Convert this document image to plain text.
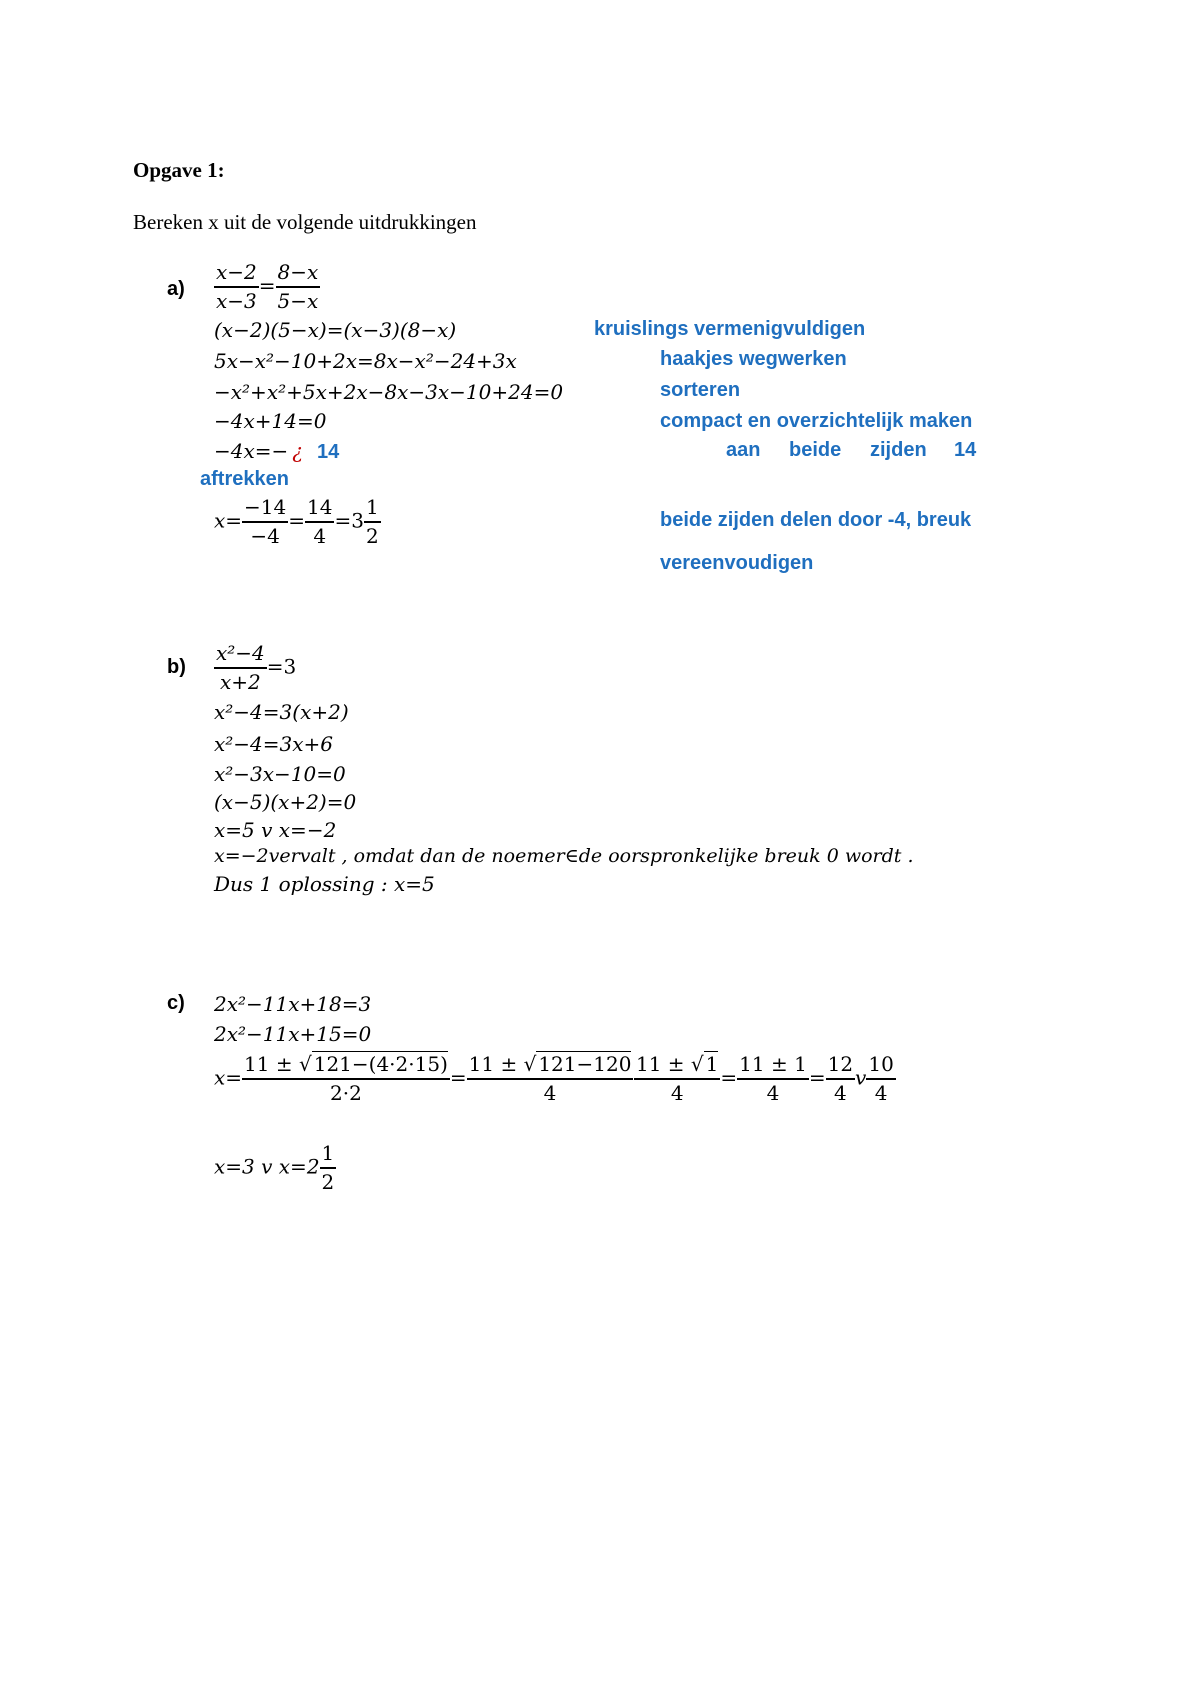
Opgave 1:
Bereken x uit de volgende uitdrukkingen
$a) \frac{x-2}{x-3} = \frac{8-x}{5-x}$
(x−2)(5−x)=(x−3)(8−x)
5x−x²−10+2x=8x−x²−24+3x
−x²+x²+5x+2x−8x−3x−10+24=0
−4x+14=0
−4x=− ¿ 14
aftrekken
$x= \frac{-14}{-4} = \frac{14}{4} =3 \frac{1}{2}$
kruislings vermenigvuldigen
haakjes wegwerken
sorteren
compact en overzichtelijk maken
aan beide zijden 14
beide zijden delen door -4, breuk
vereenvoudigen
$b) \frac{\text{x²−4}}{x+2} =3$
x²−4=3(x+2)
x²−4=3x+6
x²−3x−10=0
(x−5)(x+2)=0
x=5 v x=−2
x=−2vervalt , omdat dan de noemer∈de oorspronkelijke breuk 0 wordt .
Dus 1 oplossing : x=5
c) 2x²−11x+18=3
2x²−11x+15=0
$x= \frac{11 \pm √ 121-(4\cdot 2\cdot 15)}{2\cdot 2} = \frac{11 \pm √ 121-120}{4} \frac{11 \pm √ 1}{4} = \frac{11 \pm 1}{4} = \frac{12}{4}$ v $\frac{10}{4}$
x=3 v $x=2 \frac{1}{2}$
